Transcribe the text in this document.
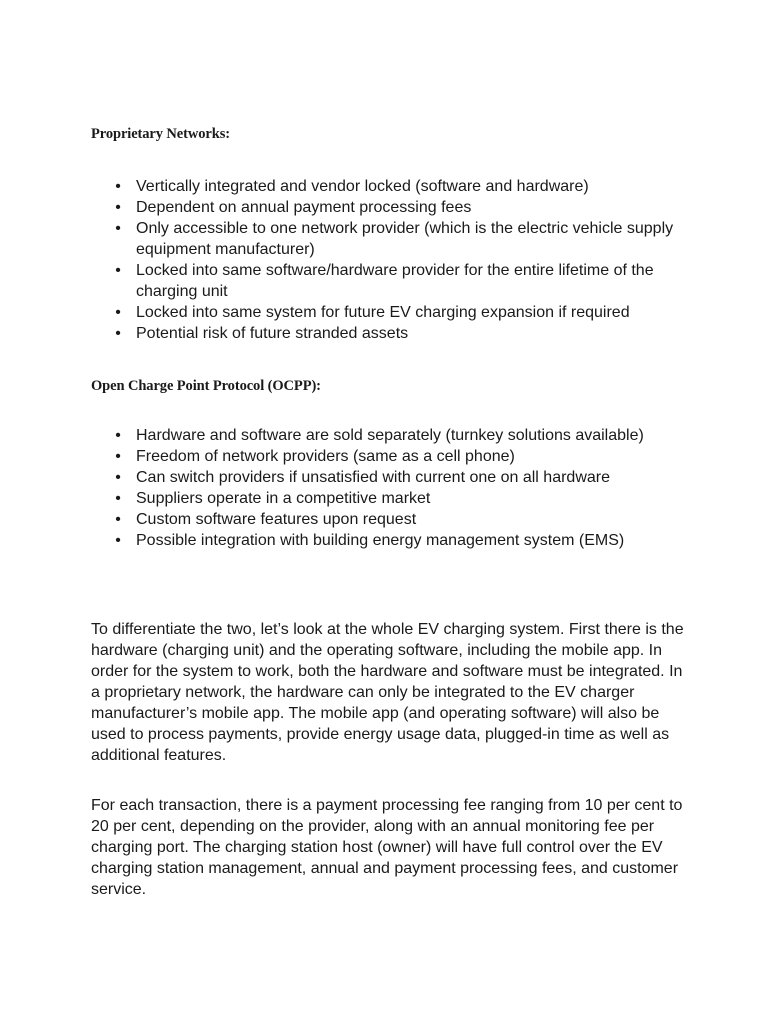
Proprietary Networks:
• Vertically integrated and vendor locked (software and hardware)
• Dependent on annual payment processing fees
• Only accessible to one network provider (which is the electric vehicle supply equipment manufacturer)
• Locked into same software/hardware provider for the entire lifetime of the charging unit
• Locked into same system for future EV charging expansion if required
• Potential risk of future stranded assets
Open Charge Point Protocol (OCPP):
• Hardware and software are sold separately (turnkey solutions available)
• Freedom of network providers (same as a cell phone)
• Can switch providers if unsatisfied with current one on all hardware
• Suppliers operate in a competitive market
• Custom software features upon request
• Possible integration with building energy management system (EMS)

To differentiate the two, let’s look at the whole EV charging system. First there is the hardware (charging unit) and the operating software, including the mobile app. In order for the system to work, both the hardware and software must be integrated. In a proprietary network, the hardware can only be integrated to the EV charger manufacturer’s mobile app. The mobile app (and operating software) will also be used to process payments, provide energy usage data, plugged-in time as well as additional features.

For each transaction, there is a payment processing fee ranging from 10 per cent to 20 per cent, depending on the provider, along with an annual monitoring fee per charging port. The charging station host (owner) will have full control over the EV charging station management, annual and payment processing fees, and customer service.
